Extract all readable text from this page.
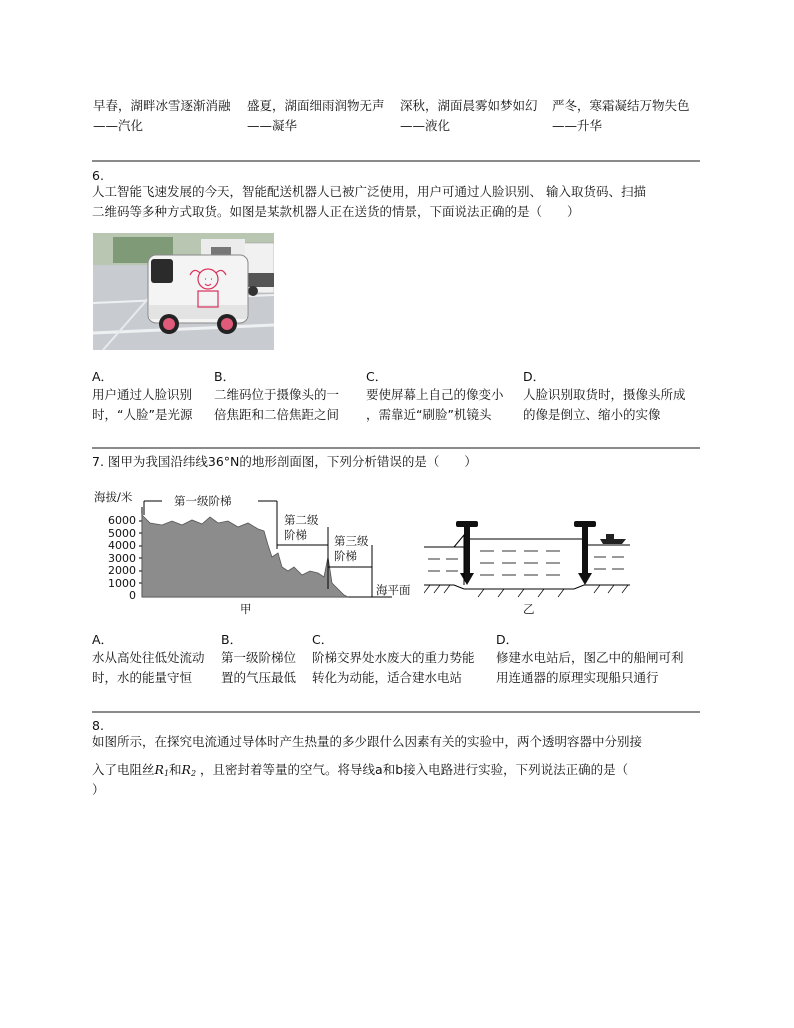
早春，湖畔冰雪逐渐消融
——汽化
盛夏，湖面细雨润物无声
——凝华
深秋，湖面晨雾如梦如幻
——液化
严冬，寒霜凝结万物失色
——升华
6.
人工智能飞速发展的今天，智能配送机器人已被广泛使用，用户可通过人脸识别、 输入取货码、扫描
二维码等多种方式取货。如图是某款机器人正在送货的情景，下面说法正确的是（　　）
A．
用户通过人脸识别
时，“人脸”是光源
B．
二维码位于摄像头的一
倍焦距和二倍焦距之间
C．
要使屏幕上自己的像变小
，需靠近“刷脸”机镜头
D．
人脸识别取货时，摄像头所成
的像是倒立、缩小的实像
7. 图甲为我国沿纬线36°N的地形剖面图，下列分析错误的是（　　）
海拔/米
6000
5000
4000
3000
2000
1000
0
第一级阶梯
第二级
阶梯	第三级
阶梯
海平面
甲	乙
A．
水从高处往低处流动
时，水的能量守恒
B．
第一级阶梯位
置的气压最低
C．
阶梯交界处水废大的重力势能
转化为动能，适合建水电站
D．
修建水电站后，图乙中的船闸可利
用连通器的原理实现船只通行
8.
如图所示，在探究电流通过导体时产生热量的多少跟什么因素有关的实验中，两个透明容器中分别接
入了电阻丝$R_1$和$R_2$ ，且密封着等量的空气。将导线a和b接入电路进行实验，下列说法正确的是（
）
